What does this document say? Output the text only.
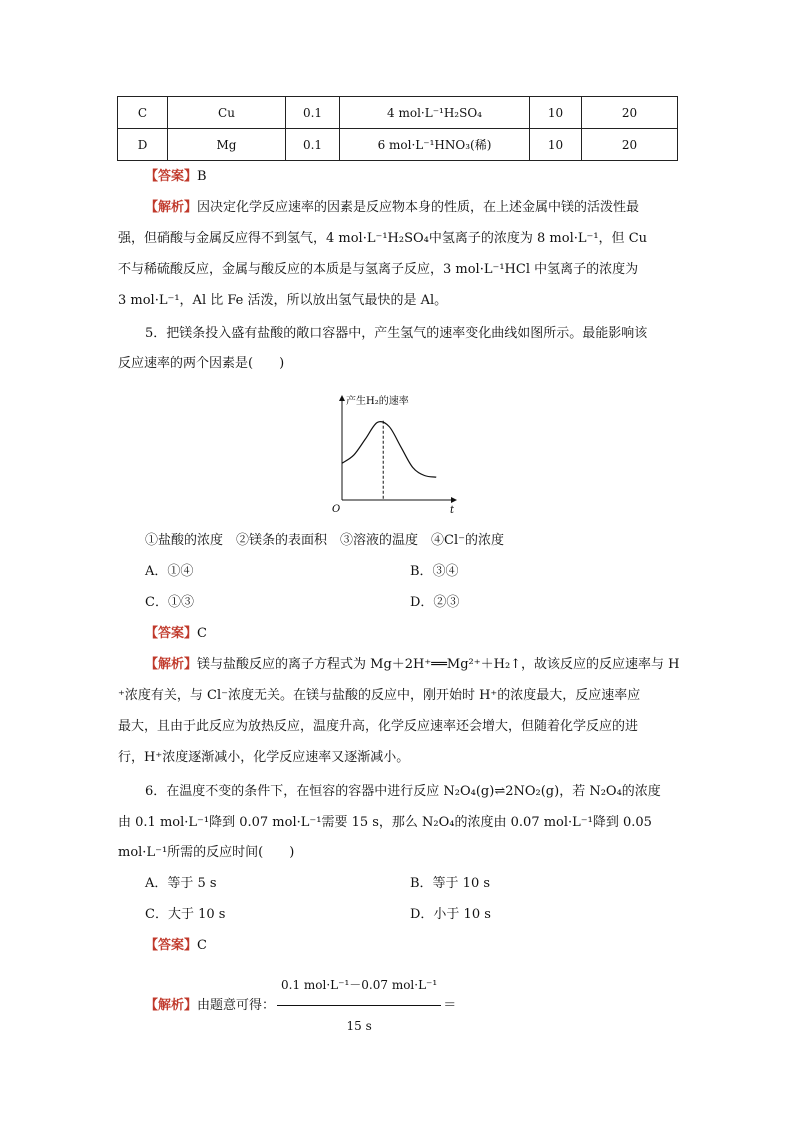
C	Cu	0.1	4 mol·L⁻¹H₂SO₄	10	20
D	Mg	0.1	6 mol·L⁻¹HNO₃(稀)	10	20
【答案】B
【解析】因决定化学反应速率的因素是反应物本身的性质，在上述金属中镁的活泼性最
强，但硝酸与金属反应得不到氢气，4 mol·L⁻¹H₂SO₄中氢离子的浓度为 8 mol·L⁻¹，但 Cu
不与稀硫酸反应，金属与酸反应的本质是与氢离子反应，3 mol·L⁻¹HCl 中氢离子的浓度为
3 mol·L⁻¹，Al 比 Fe 活泼，所以放出氢气最快的是 Al。
5．把镁条投入盛有盐酸的敞口容器中，产生氢气的速率变化曲线如图所示。最能影响该
反应速率的两个因素是(　　)
产生H₂的速率
t
O
①盐酸的浓度　②镁条的表面积　③溶液的温度　④Cl⁻的浓度
A．①④	B．③④
C．①③	D．②③
【答案】C
【解析】镁与盐酸反应的离子方程式为 Mg＋2H⁺══Mg²⁺＋H₂↑，故该反应的反应速率与 H
⁺浓度有关，与 Cl⁻浓度无关。在镁与盐酸的反应中，刚开始时 H⁺的浓度最大，反应速率应
最大，且由于此反应为放热反应，温度升高，化学反应速率还会增大，但随着化学反应的进
行，H⁺浓度逐渐减小，化学反应速率又逐渐减小。
6．在温度不变的条件下，在恒容的容器中进行反应 N₂O₄(g)⇌2NO₂(g)，若 N₂O₄的浓度
由 0.1 mol·L⁻¹降到 0.07 mol·L⁻¹需要 15 s，那么 N₂O₄的浓度由 0.07 mol·L⁻¹降到 0.05
mol·L⁻¹所需的反应时间(　　)
A．等于 5 s	B．等于 10 s
C．大于 10 s	D．小于 10 s
【答案】C
【解析】由题意可得： $\frac{\text{0.1 mol·L⁻¹－0.07 mol·L⁻¹}}{15 s}$ ＝
